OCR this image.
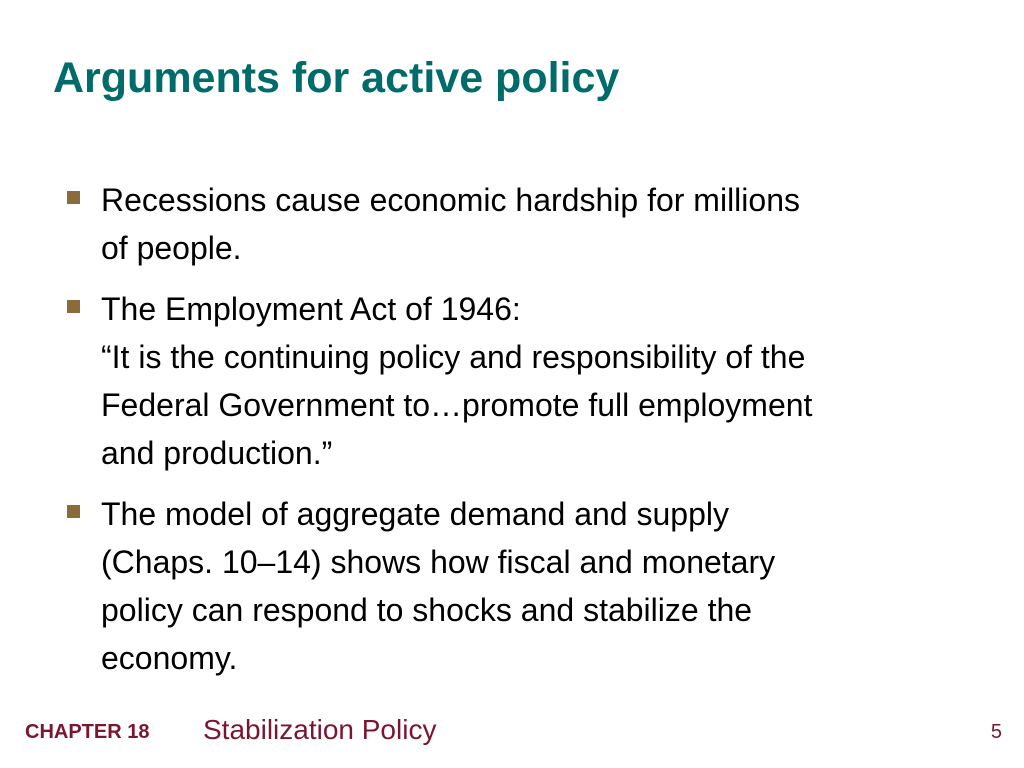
Arguments for active policy
Recessions cause economic hardship for millions
of people.
The Employment Act of 1946:
“It is the continuing policy and responsibility of the
Federal Government to…promote full employment
and production.”
The model of aggregate demand and supply
(Chaps. 10–14) shows how fiscal and monetary
policy can respond to shocks and stabilize the
economy.
CHAPTER 18 Stabilization Policy	5
